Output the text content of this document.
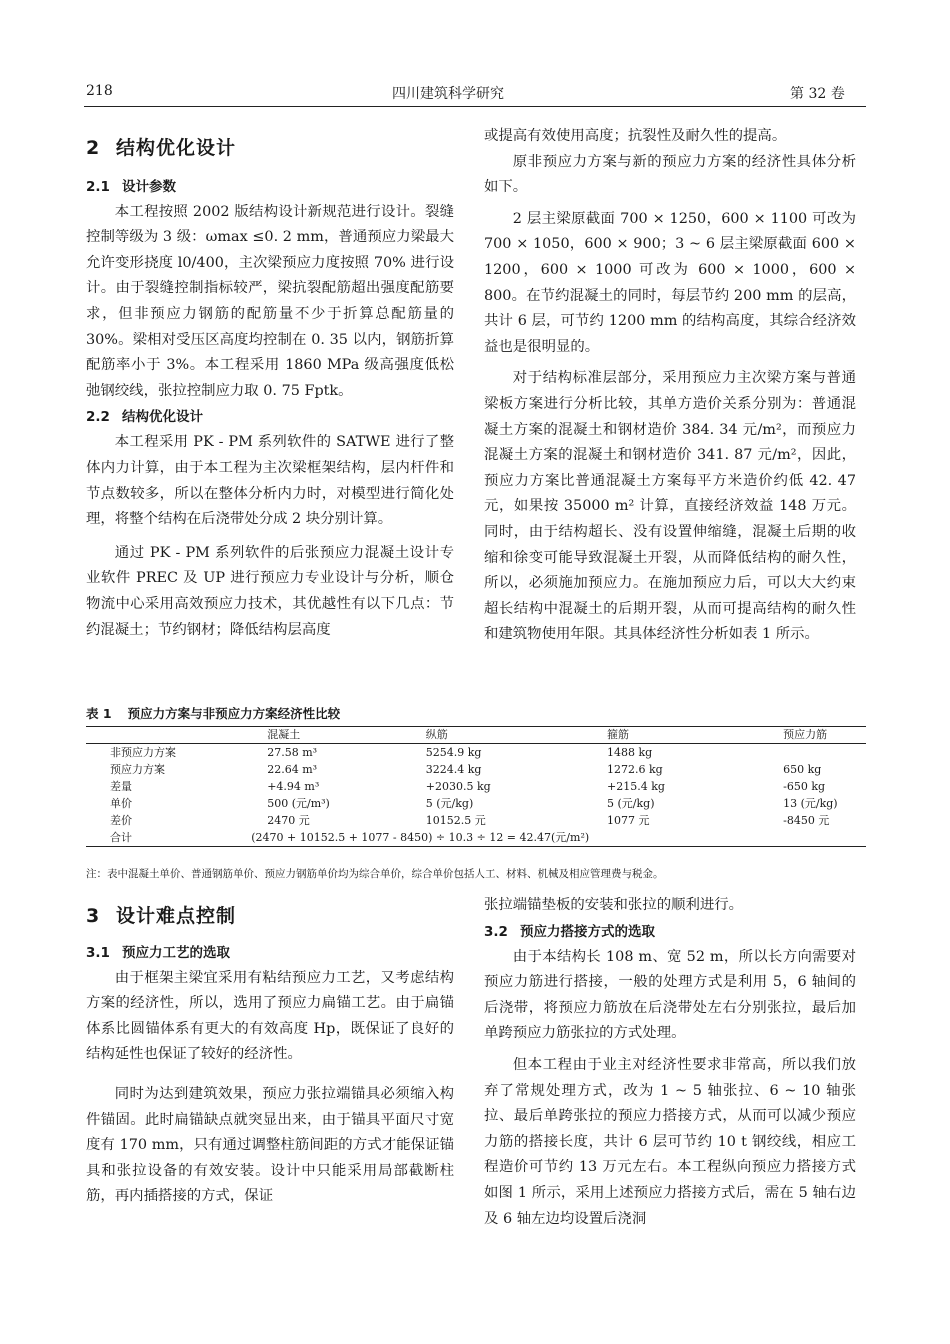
218	四川建筑科学研究	第 32 卷
2 结构优化设计
2.1 设计参数

本工程按照 2002 版结构设计新规范进行设计。裂缝控制等级为 3 级：ωmax ≤0. 2 mm，普通预应力梁最大允许变形挠度 l0/400，主次梁预应力度按照 70% 进行设计。由于裂缝控制指标较严，梁抗裂配筋超出强度配筋要求，但非预应力钢筋的配筋量不少于折算总配筋量的 30%。梁相对受压区高度均控制在 0. 35 以内，钢筋折算配筋率小于 3%。本工程采用 1860 MPa 级高强度低松弛钢绞线，张拉控制应力取 0. 75 Fptk。

2.2 结构优化设计

本工程采用 PK - PM 系列软件的 SATWE 进行了整体内力计算，由于本工程为主次梁框架结构，层内杆件和节点数较多，所以在整体分析内力时，对模型进行简化处理，将整个结构在后浇带处分成 2 块分别计算。

通过 PK - PM 系列软件的后张预应力混凝土设计专业软件 PREC 及 UP 进行预应力专业设计与分析，顺仓物流中心采用高效预应力技术，其优越性有以下几点：节约混凝土；节约钢材；降低结构层高度

或提高有效使用高度；抗裂性及耐久性的提高。

原非预应力方案与新的预应力方案的经济性具体分析如下。

2 层主梁原截面 700 × 1250，600 × 1100 可改为 700 × 1050，600 × 900；3 ~ 6 层主梁原截面 600 × 1200，600 × 1000 可改为 600 × 1000，600 × 800。在节约混凝土的同时，每层节约 200 mm 的层高，共计 6 层，可节约 1200 mm 的结构高度，其综合经济效益也是很明显的。

对于结构标准层部分，采用预应力主次梁方案与普通梁板方案进行分析比较，其单方造价关系分别为：普通混凝土方案的混凝土和钢材造价 384. 34 元/m²，而预应力混凝土方案的混凝土和钢材造价 341. 87 元/m²，因此，预应力方案比普通混凝土方案每平方米造价约低 42. 47 元，如果按 35000 m² 计算，直接经济效益 148 万元。同时，由于结构超长、没有设置伸缩缝，混凝土后期的收缩和徐变可能导致混凝土开裂，从而降低结构的耐久性，所以，必须施加预应力。在施加预应力后，可以大大约束超长结构中混凝土的后期开裂，从而可提高结构的耐久性和建筑物使用年限。其具体经济性分析如表 1 所示。

表 1 预应力方案与非预应力方案经济性比较
	混凝土	纵筋	箍筋	预应力筋
非预应力方案	27.58 m³	5254.9 kg	1488 kg	
预应力方案	22.64 m³	3224.4 kg	1272.6 kg	650 kg
差量	+4.94 m³	+2030.5 kg	+215.4 kg	-650 kg
单价	500 (元/m³)	5 (元/kg)	5 (元/kg)	13 (元/kg)
差价	2470 元	10152.5 元	1077 元	-8450 元
合计	(2470 + 10152.5 + 1077 - 8450) ÷ 10.3 ÷ 12 = 42.47(元/m²)			
注：表中混凝土单价、普通钢筋单价、预应力钢筋单价均为综合单价，综合单价包括人工、材料、机械及相应管理费与税金。
3 设计难点控制
3.1 预应力工艺的选取

由于框架主梁宜采用有粘结预应力工艺，又考虑结构方案的经济性，所以，选用了预应力扁锚工艺。由于扁锚体系比圆锚体系有更大的有效高度 Hp，既保证了良好的结构延性也保证了较好的经济性。

同时为达到建筑效果，预应力张拉端锚具必须缩入构件锚固。此时扁锚缺点就突显出来，由于锚具平面尺寸宽度有 170 mm，只有通过调整柱筋间距的方式才能保证锚具和张拉设备的有效安装。设计中只能采用局部截断柱筋，再内插搭接的方式，保证

张拉端锚垫板的安装和张拉的顺利进行。

3.2 预应力搭接方式的选取

由于本结构长 108 m、宽 52 m，所以长方向需要对预应力筋进行搭接，一般的处理方式是利用 5，6 轴间的后浇带，将预应力筋放在后浇带处左右分别张拉，最后加单跨预应力筋张拉的方式处理。

但本工程由于业主对经济性要求非常高，所以我们放弃了常规处理方式，改为 1 ~ 5 轴张拉、6 ~ 10 轴张拉、最后单跨张拉的预应力搭接方式，从而可以减少预应力筋的搭接长度，共计 6 层可节约 10 t 钢绞线，相应工程造价可节约 13 万元左右。本工程纵向预应力搭接方式如图 1 所示，采用上述预应力搭接方式后，需在 5 轴右边及 6 轴左边均设置后浇洞
